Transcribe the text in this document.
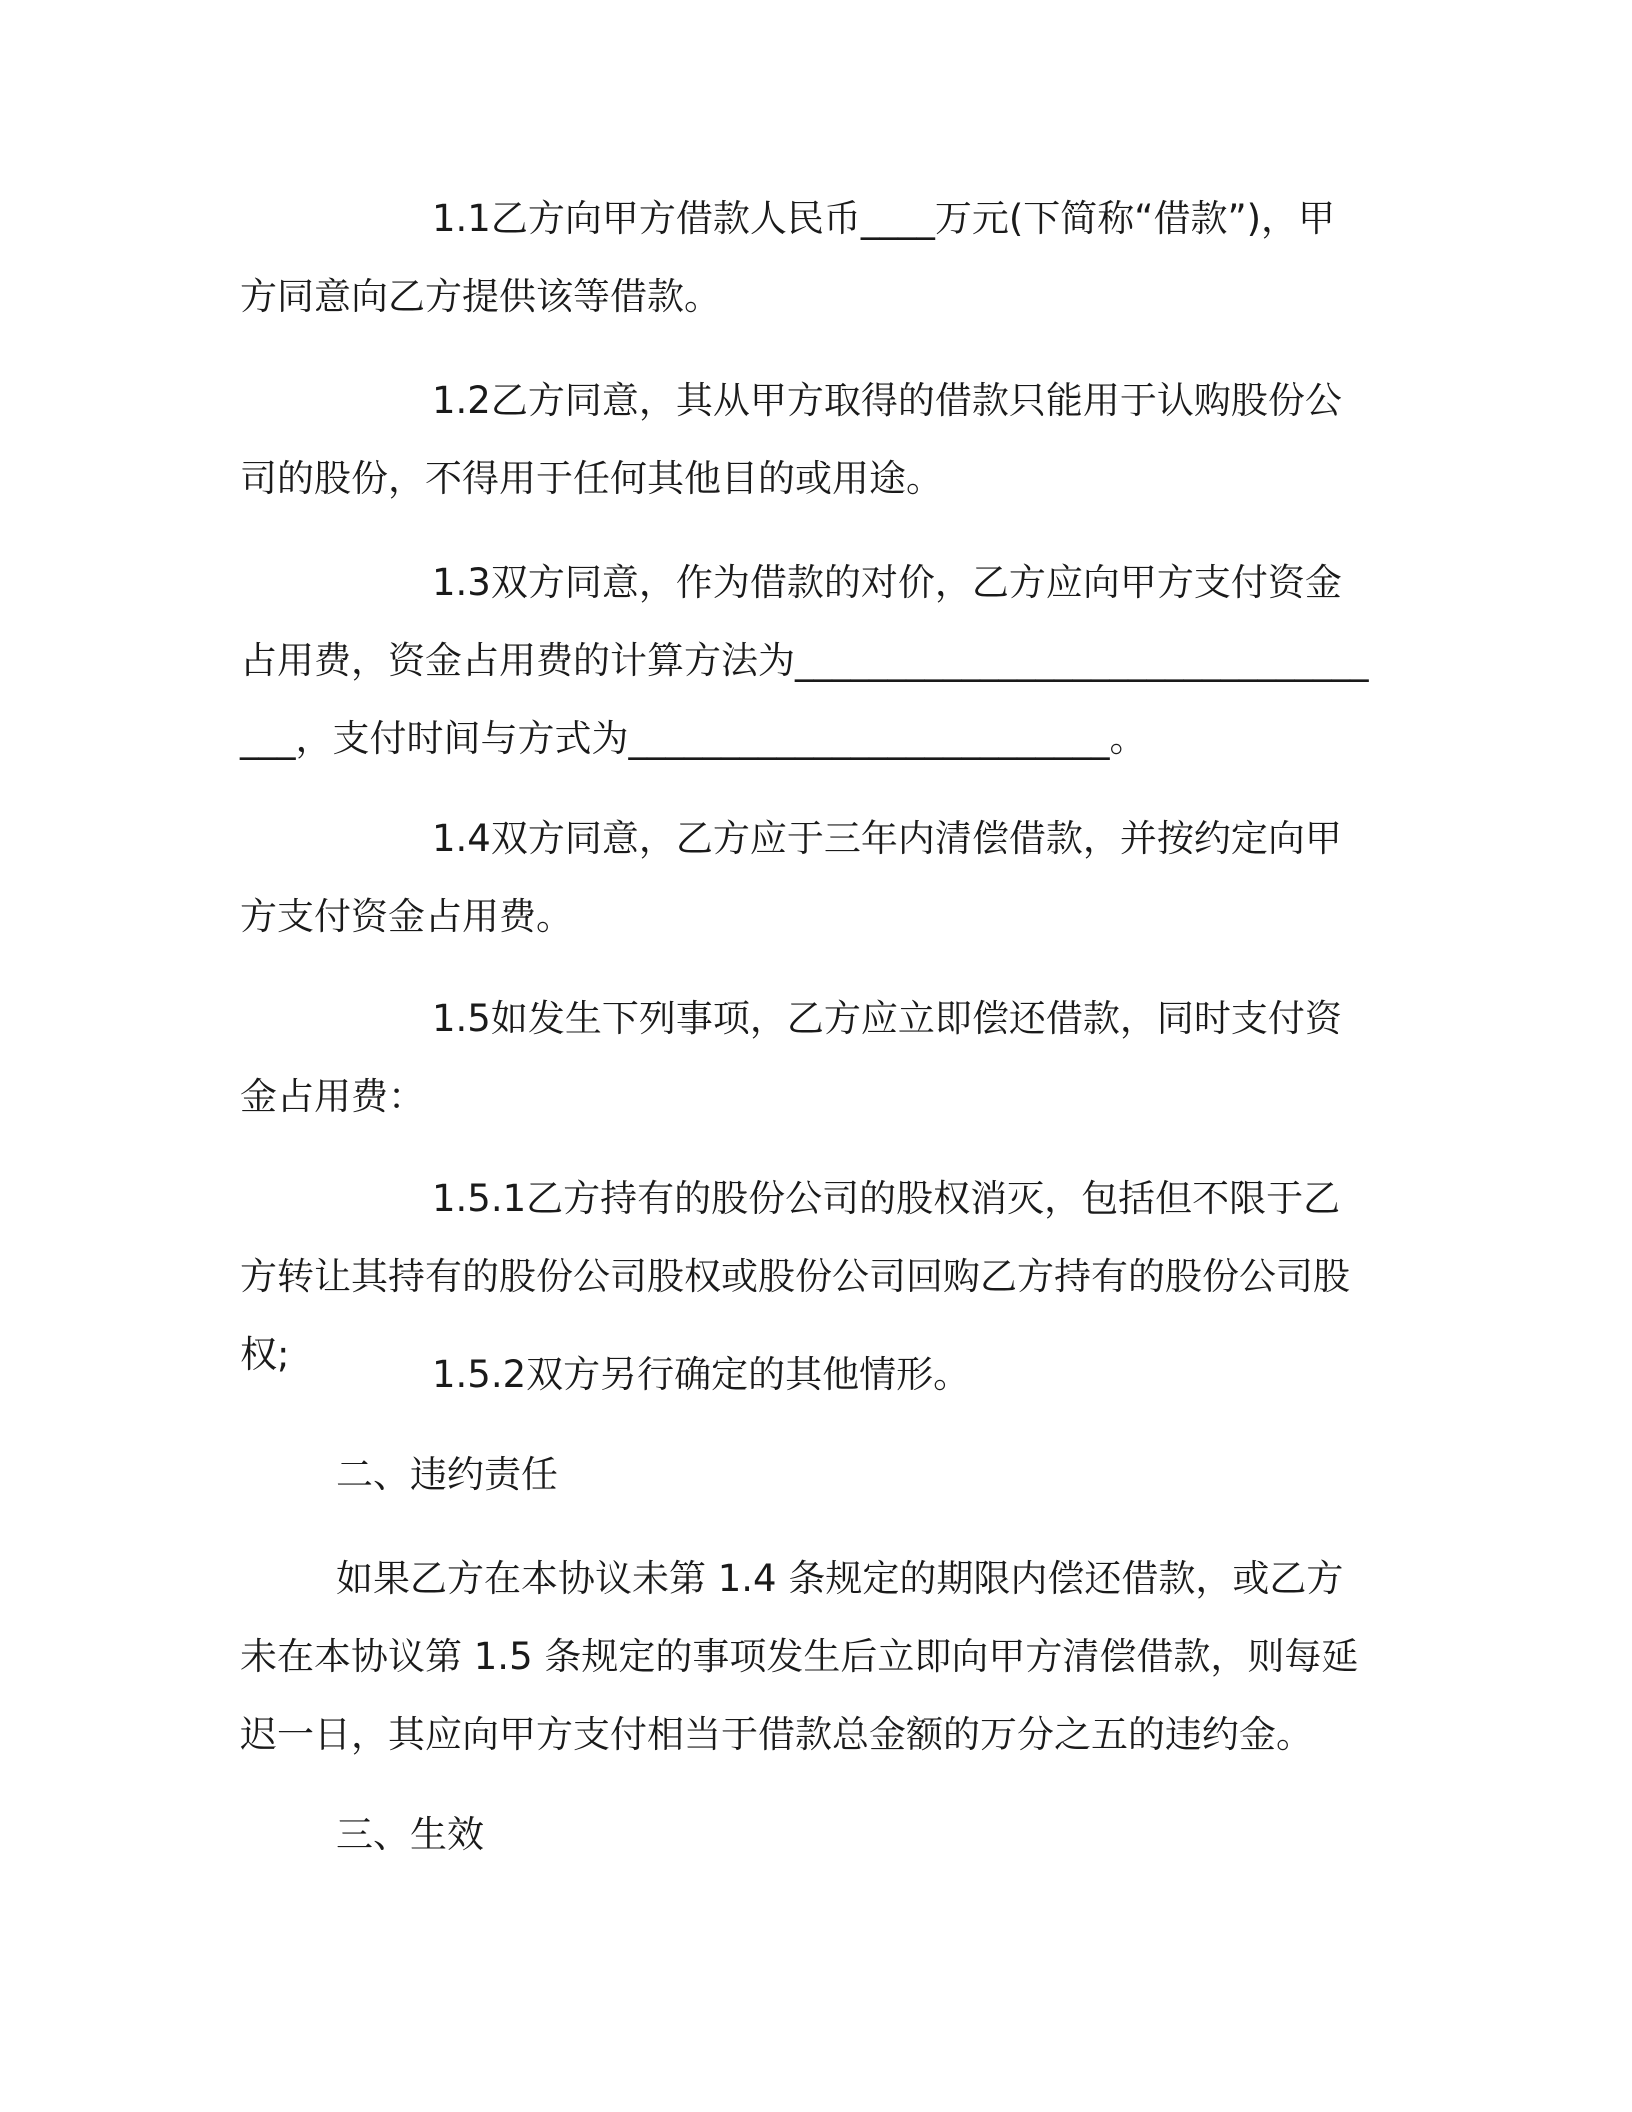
1.1乙方向甲方借款人民币____万元(下简称“借款”)，甲方同意向乙方提供该等借款。

1.2乙方同意，其从甲方取得的借款只能用于认购股份公司的股份，不得用于任何其他目的或用途。

1.3双方同意，作为借款的对价，乙方应向甲方支付资金占用费，资金占用费的计算方法为__________________________________，支付时间与方式为__________________________。

1.4双方同意，乙方应于三年内清偿借款，并按约定向甲方支付资金占用费。

1.5如发生下列事项，乙方应立即偿还借款，同时支付资金占用费：

1.5.1乙方持有的股份公司的股权消灭，包括但不限于乙方转让其持有的股份公司股权或股份公司回购乙方持有的股份公司股权;	1.5.2双方另行确定的其他情形。

二、违约责任

如果乙方在本协议未第 1.4 条规定的期限内偿还借款，或乙方未在本协议第 1.5 条规定的事项发生后立即向甲方清偿借款，则每延迟一日，其应向甲方支付相当于借款总金额的万分之五的违约金。

三、生效
